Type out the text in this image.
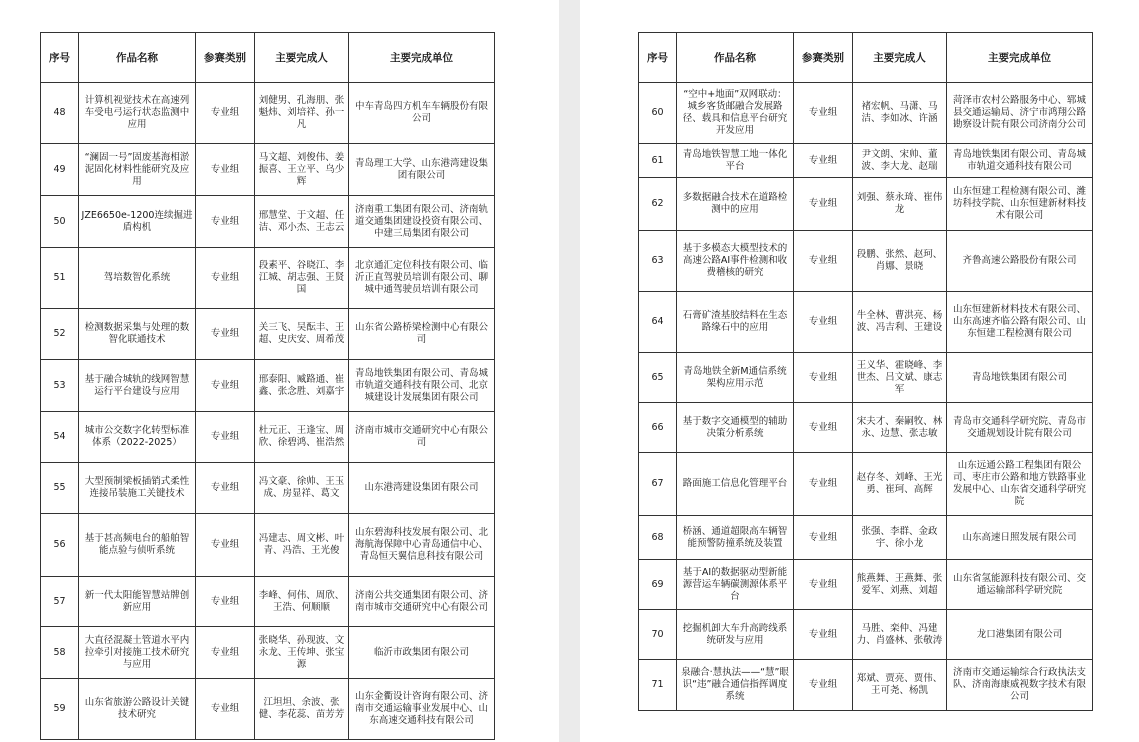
序号	作品名称	参赛类别	主要完成人	主要完成单位
48	计算机视觉技术在高速列车受电弓运行状态监测中应用	专业组	刘健男、孔海朋、张魁炜、刘培祥、孙一凡	中车青岛四方机车车辆股份有限公司
49	“澜固一号”固废基海相淤泥固化材料性能研究及应用	专业组	马文超、刘俊伟、姜振喜、王立平、乌少辉	青岛理工大学、山东港湾建设集团有限公司
50	JZE6650e-1200连续掘进盾构机	专业组	邢慧堂、于文超、任洁、邓小杰、王志云	济南重工集团有限公司、济南轨道交通集团建设投资有限公司、中建三局集团有限公司
51	驾培数智化系统	专业组	段素平、谷晓江、李江城、胡志强、王贤国	北京通汇定位科技有限公司、临沂正直驾驶员培训有限公司、聊城中通驾驶员培训有限公司
52	检测数据采集与处理的数智化联通技术	专业组	关三飞、吴酝丰、王超、史庆安、周希茂	山东省公路桥梁检测中心有限公司
53	基于融合城轨的线网智慧运行平台建设与应用	专业组	邢泰阳、臧路通、崔鑫、张念胜、刘嘉宇	青岛地铁集团有限公司、青岛城市轨道交通科技有限公司、北京城建设计发展集团有限公司
54	城市公交数字化转型标准体系（2022-2025）	专业组	杜元正、王逢宝、周欣、徐碧鸿、崔浩然	济南市城市交通研究中心有限公司
55	大型预制梁板插销式柔性连接吊装施工关键技术	专业组	冯文豪、徐帅、王玉成、房显祥、葛文	山东港湾建设集团有限公司
56	基于甚高频电台的船舶智能点验与侦听系统	专业组	冯建志、周文彬、叶青、冯浩、王光俊	山东碧海科技发展有限公司、北海航海保障中心青岛通信中心、青岛恒天翼信息科技有限公司
57	新一代太阳能智慧站牌创新应用	专业组	李峰、何伟、周欣、王浩、何顺顺	济南公共交通集团有限公司、济南市城市交通研究中心有限公司
58	大直径混凝土管道水平内拉牵引对接施工技术研究与应用	专业组	张晓华、孙现波、文永龙、王传坤、张宝源	临沂市政集团有限公司
59	山东省旅游公路设计关键技术研究	专业组	江坦坦、余波、张健、李花蕊、苗芳芳	山东金衢设计咨询有限公司、济南市交通运输事业发展中心、山东高速交通科技有限公司
序号	作品名称	参赛类别	主要完成人	主要完成单位
60	“空中+地面”双网联动：城乡客货邮融合发展路径、载具和信息平台研究开发应用	专业组	褚宏帆、马潇、马洁、李如冰、许涵	菏泽市农村公路服务中心、郓城县交通运输局、济宁市鸿翔公路勘察设计院有限公司济南分公司
61	青岛地铁智慧工地一体化平台	专业组	尹文朗、宋帅、董波、李大龙、赵瑞	青岛地铁集团有限公司、青岛城市轨道交通科技有限公司
62	多数据融合技术在道路检测中的应用	专业组	刘强、蔡永琦、崔伟龙	山东恒建工程检测有限公司、潍坊科技学院、山东恒建新材料技术有限公司
63	基于多模态大模型技术的高速公路AI事件检测和收费稽核的研究	专业组	段鹏、张然、赵珂、肖娜、景晓	齐鲁高速公路股份有限公司
64	石膏矿渣基胶结料在生态路缘石中的应用	专业组	牛全林、曹洪亮、杨波、冯吉利、王建设	山东恒建新材料技术有限公司、山东高速齐临公路有限公司、山东恒建工程检测有限公司
65	青岛地铁全新M通信系统架构应用示范	专业组	王义华、霍晓峰、李世杰、吕文斌、康志军	青岛地铁集团有限公司
66	基于数字交通模型的辅助决策分析系统	专业组	宋夫才、秦嗣牧、林永、边慧、张志敏	青岛市交通科学研究院、青岛市交通规划设计院有限公司
67	路面施工信息化管理平台	专业组	赵存冬、刘峰、王光勇、崔珂、高辉	山东远通公路工程集团有限公司、枣庄市公路和地方铁路事业发展中心、山东省交通科学研究院
68	桥涵、通道超限高车辆智能预警防撞系统及装置	专业组	张强、李群、金政宇、徐小龙	山东高速日照发展有限公司
69	基于AI的数据驱动型新能源营运车辆碳测源体系平台	专业组	熊燕舞、王燕舞、张爱军、刘燕、刘超	山东省氢能源科技有限公司、交通运输部科学研究院
70	挖掘机卸大车升高跨线系统研发与应用	专业组	马胜、栾仲、冯建力、肖盛林、张敬涛	龙口港集团有限公司
71	泉融合·慧执法——“慧”眼识“违”融合通信指挥调度系统	专业组	郑斌、贾亮、贾伟、王可尧、杨凯	济南市交通运输综合行政执法支队、济南海康威视数字技术有限公司
